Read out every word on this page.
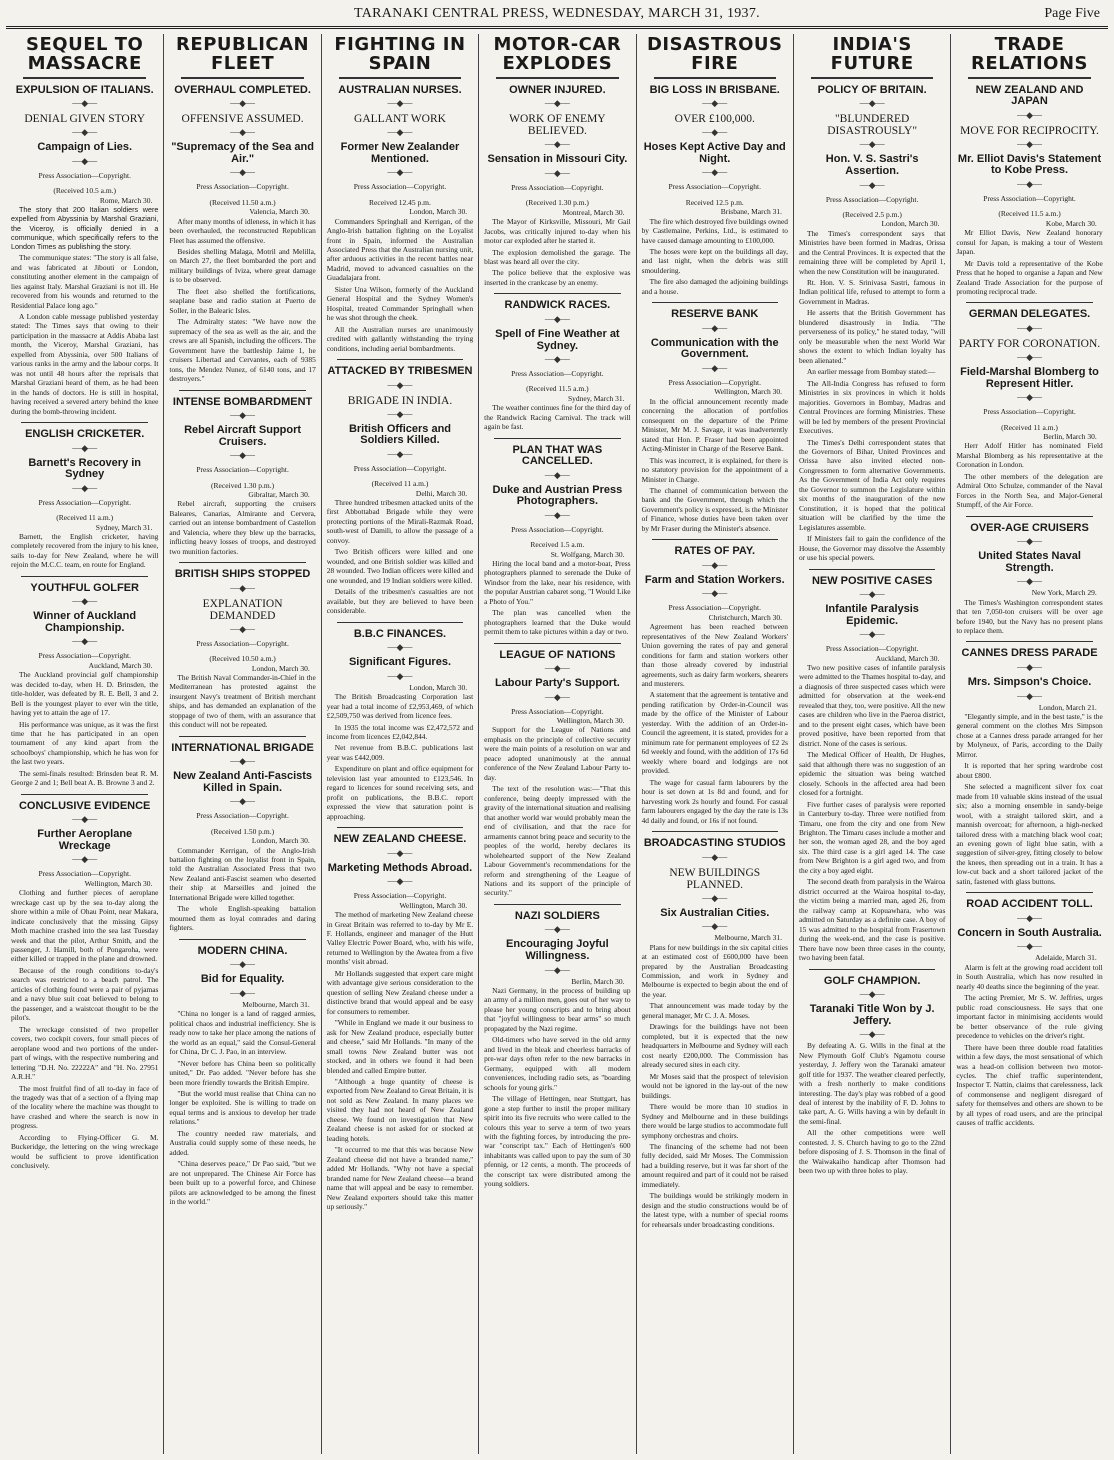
TARANAKI CENTRAL PRESS, WEDNESDAY, MARCH 31, 1937.	Page Five
SEQUEL TO MASSACRE
EXPULSION OF ITALIANS.
—◆—
DENIAL GIVEN STORY
—◆—
Campaign of Lies.
—◆—
Press Association—Copyright.
(Received 10.5 a.m.)
Rome, March 30.

The story that 200 Italian soldiers were expelled from Abyssinia by Marshal Graziani, the Viceroy, is officially denied in a communique, which specifically refers to the London Times as publishing the story.

The communique states: "The story is all false, and was fabricated at Jibouti or London, constituting another element in the campaign of lies against Italy. Marshal Graziani is not ill. He recovered from his wounds and returned to the Residential Palace long ago."

A London cable message published yesterday stated: The Times says that owing to their participation in the massacre at Addis Ababa last month, the Viceroy, Marshal Graziani, has expelled from Abyssinia, over 500 Italians of various ranks in the army and the labour corps. It was not until 48 hours after the reprisals that Marshal Graziani heard of them, as he had been in the hands of doctors. He is still in hospital, having received a severed artery behind the knee during the bomb-throwing incident.

ENGLISH CRICKETER.
—◆—
Barnett's Recovery in Sydney
—◆—
Press Association—Copyright.
(Received 11 a.m.)
Sydney, March 31.

Barnett, the English cricketer, having completely recovered from the injury to his knee, sails to-day for New Zealand, where he will rejoin the M.C.C. team, en route for England.

YOUTHFUL GOLFER
—◆—
Winner of Auckland Championship.
—◆—
Press Association—Copyright.
Auckland, March 30.

The Auckland provincial golf championship was decided to-day, when H. D. Brinsden, the title-holder, was defeated by R. E. Bell, 3 and 2. Bell is the youngest player to ever win the title, having yet to attain the age of 17.

His performance was unique, as it was the first time that he has participated in an open tournament of any kind apart from the schoolboys' championship, which he has won for the last two years.

The semi-finals resulted: Brinsden beat R. M. George 2 and 1; Bell beat A. B. Browne 3 and 2.

CONCLUSIVE EVIDENCE
—◆—
Further Aeroplane Wreckage
—◆—
Press Association—Copyright.
Wellington, March 30.

Clothing and further pieces of aeroplane wreckage cast up by the sea to-day along the shore within a mile of Ohau Point, near Makara, indicate conclusively that the missing Gipsy Moth machine crashed into the sea last Tuesday week and that the pilot, Arthur Smith, and the passenger, J. Hamill, both of Pongaroha, were either killed or trapped in the plane and drowned.

Because of the rough conditions to-day's search was restricted to a beach patrol. The articles of clothing found were a pair of pyjamas and a navy blue suit coat believed to belong to the passenger, and a waistcoat thought to be the pilot's.

The wreckage consisted of two propeller covers, two cockpit covers, four small pieces of aeroplane wood and two portions of the under-part of wings, with the respective numbering and lettering "D.H. No. 22222A" and "H. No. 27951 A.R.H."

The most fruitful find of all to-day in face of the tragedy was that of a section of a flying map of the locality where the machine was thought to have crashed and where the search is now in progress.

According to Flying-Officer G. M. Buckeridge, the lettering on the wing wreckage would be sufficient to prove identification conclusively.

REPUBLICAN FLEET
OVERHAUL COMPLETED.
—◆—
OFFENSIVE ASSUMED.
—◆—
"Supremacy of the Sea and Air."
—◆—
Press Association—Copyright.
(Received 11.50 a.m.)
Valencia, March 30.

After many months of idleness, in which it has been overhauled, the reconstructed Republican Fleet has assumed the offensive.

Besides shelling Malaga, Motril and Melilla, on March 27, the fleet bombarded the port and military buildings of Iviza, where great damage is to be observed.

The fleet also shelled the fortifications, seaplane base and radio station at Puerto de Soller, in the Balearic Isles.

The Admiralty states: "We have now the supremacy of the sea as well as the air, and the crews are all Spanish, including the officers. The Government have the battleship Jaime 1, he cruisers Libertad and Cervantes, each of 9385 tons, the Mendez Nunez, of 6140 tons, and 17 destroyers."

INTENSE BOMBARDMENT
—◆—
Rebel Aircraft Support Cruisers.
—◆—
Press Association—Copyright.
(Received 1.30 p.m.)
Gibraltar, March 30.

Rebel aircraft, supporting the cruisers Baleares, Canarias, Almirante and Cervera, carried out an intense bombardment of Castellon and Valencia, where they blew up the barracks, inflicting heavy losses of troops, and destroyed two munition factories.

BRITISH SHIPS STOPPED
—◆—
EXPLANATION DEMANDED
—◆—
Press Association—Copyright.
(Received 10.50 a.m.)
London, March 30.

The British Naval Commander-in-Chief in the Mediterranean has protested against the insurgent Navy's treatment of British merchant ships, and has demanded an explanation of the stoppage of two of them, with an assurance that this conduct will not be repeated.

INTERNATIONAL BRIGADE
—◆—
New Zealand Anti-Fascists Killed in Spain.
—◆—
Press Association—Copyright.
(Received 1.50 p.m.)
London, March 30.

Commander Kerrigan, of the Anglo-Irish battalion fighting on the loyalist front in Spain, told the Australian Associated Press that two New Zealand anti-Fascist seamen who deserted their ship at Marseilles and joined the International Brigade were killed together.

The whole English-speaking battalion mourned them as loyal comrades and daring fighters.

MODERN CHINA.
—◆—
Bid for Equality.
—◆—
Melbourne, March 31.

"China no longer is a land of ragged armies, political chaos and industrial inefficiency. She is ready now to take her place among the nations of the world as an equal," said the Consul-General for China, Dr C. J. Pao, in an interview.

"Never before has China been so politically united," Dr. Pao added. "Never before has she been more friendly towards the British Empire.

"But the world must realise that China can no longer be exploited. She is willing to trade on equal terms and is anxious to develop her trade relations."

The country needed raw materials, and Australia could supply some of these needs, he added.

"China deserves peace," Dr Pao said, "but we are not unprepared. The Chinese Air Force has been built up to a powerful force, and Chinese pilots are acknowledged to be among the finest in the world."

FIGHTING IN SPAIN
AUSTRALIAN NURSES.
—◆—
GALLANT WORK
—◆—
Former New Zealander Mentioned.
—◆—
Press Association—Copyright.
Received 12.45 p.m.
London, March 30.

Commanders Springhall and Kerrigan, of the Anglo-Irish battalion fighting on the Loyalist front in Spain, informed the Australian Associated Press that the Australian nursing unit, after arduous activities in the recent battles near Madrid, moved to advanced casualties on the Guadalajara front.

Sister Una Wilson, formerly of the Auckland General Hospital and the Sydney Women's Hospital, treated Commander Springhall when he was shot through the cheek.

All the Australian nurses are unanimously credited with gallantly withstanding the trying conditions, including aerial bombardments.

ATTACKED BY TRIBESMEN
—◆—
BRIGADE IN INDIA.
—◆—
British Officers and Soldiers Killed.
—◆—
Press Association—Copyright.
(Received 11 a.m.)
Delhi, March 30.

Three hundred tribesmen attacked units of the first Abbottabad Brigade while they were protecting portions of the Mirali-Razmak Road, south-west of Damili, to allow the passage of a convoy.

Two British officers were killed and one wounded, and one British soldier was killed and 28 wounded. Two Indian officers were killed and one wounded, and 19 Indian soldiers were killed.

Details of the tribesmen's casualties are not available, but they are believed to have been considerable.

B.B.C FINANCES.
—◆—
Significant Figures.
—◆—
London, March 30.

The British Broadcasting Corporation last year had a total income of £2,953,469, of which £2,509,750 was derived from licence fees.

In 1935 the total income was £2,472,572 and income from licences £2,042,844.

Net revenue from B.B.C. publications last year was £442,009.

Expenditure on plant and office equipment for television last year amounted to £123,546. In regard to licences for sound receiving sets, and profit on publications, the B.B.C. report expressed the view that saturation point is approaching.

NEW ZEALAND CHEESE.
—◆—
Marketing Methods Abroad.
—◆—
Press Association—Copyright.
Wellington, March 30.

The method of marketing New Zealand cheese in Great Britain was referred to to-day by Mr E. F. Hollands, engineer and manager of the Hutt Valley Electric Power Board, who, with his wife, returned to Wellington by the Awatea from a five months' visit abroad.

Mr Hollands suggested that expert care might with advantage give serious consideration to the question of selling New Zealand cheese under a distinctive brand that would appeal and be easy for consumers to remember.

"While in England we made it our business to ask for New Zealand produce, especially butter and cheese," said Mr Hollands. "In many of the small towns New Zealand butter was not stocked, and in others we found it had been blended and called Empire butter.

"Although a huge quantity of cheese is exported from New Zealand to Great Britain, it is not sold as New Zealand. In many places we visited they had not heard of New Zealand cheese. We found on investigation that New Zealand cheese is not asked for or stocked at leading hotels.

"It occurred to me that this was because New Zealand cheese did not have a branded name," added Mr Hollands. "Why not have a special branded name for New Zealand cheese—a brand name that will appeal and be easy to remember. New Zealand exporters should take this matter up seriously."

MOTOR-CAR EXPLODES
OWNER INJURED.
—◆—
WORK OF ENEMY BELIEVED.
—◆—
Sensation in Missouri City.
—◆—
Press Association—Copyright.
(Received 1.30 p.m.)
Montreal, March 30.

The Mayor of Kirksville, Missouri, Mr Gail Jacobs, was critically injured to-day when his motor car exploded after he started it.

The explosion demolished the garage. The blast was heard all over the city.

The police believe that the explosive was inserted in the crankcase by an enemy.

RANDWICK RACES.
—◆—
Spell of Fine Weather at Sydney.
—◆—
Press Association—Copyright.
(Received 11.5 a.m.)
Sydney, March 31.

The weather continues fine for the third day of the Randwick Racing Carnival. The track will again be fast.

PLAN THAT WAS CANCELLED.
—◆—
Duke and Austrian Press Photographers.
—◆—
Press Association—Copyright.
Received 1.5 a.m.
St. Wolfgang, March 30.

Hiring the local band and a motor-boat, Press photographers planned to serenade the Duke of Windsor from the lake, near his residence, with the popular Austrian cabaret song, "I Would Like a Photo of You."

The plan was cancelled when the photographers learned that the Duke would permit them to take pictures within a day or two.

LEAGUE OF NATIONS
—◆—
Labour Party's Support.
—◆—
Press Association—Copyright.
Wellington, March 30.

Support for the League of Nations and emphasis on the principle of collective security were the main points of a resolution on war and peace adopted unanimously at the annual conference of the New Zealand Labour Party to-day.

The text of the resolution was:—"That this conference, being deeply impressed with the gravity of the international situation and realising that another world war would probably mean the end of civilisation, and that the race for armaments cannot bring peace and security to the peoples of the world, hereby declares its wholehearted support of the New Zealand Labour Government's recommendations for the reform and strengthening of the League of Nations and its support of the principle of security."

NAZI SOLDIERS
—◆—
Encouraging Joyful Willingness.
—◆—
Berlin, March 30.

Nazi Germany, in the process of building up an army of a million men, goes out of her way to please her young conscripts and to bring about that "joyful willingness to bear arms" so much propagated by the Nazi regime.

Old-timers who have served in the old army and lived in the bleak and cheerless barracks of pre-war days often refer to the new barracks in Germany, equipped with all modern conveniences, including radio sets, as "boarding schools for young girls."

The village of Hettingen, near Stuttgart, has gone a step further to instil the proper military spirit into its five recruits who were called to the colours this year to serve a term of two years with the fighting forces, by introducing the pre-war "conscript tax." Each of Hettingen's 600 inhabitants was called upon to pay the sum of 30 pfennig, or 12 cents, a month. The proceeds of the conscript tax were distributed among the young soldiers.

DISASTROUS FIRE
BIG LOSS IN BRISBANE.
—◆—
OVER £100,000.
—◆—
Hoses Kept Active Day and Night.
—◆—
Press Association—Copyright.
Received 12.5 p.m.
Brisbane, March 31.

The fire which destroyed five buildings owned by Castlemaine, Perkins, Ltd., is estimated to have caused damage amounting to £100,000.

The hoses were kept on the buildings all day, and last night, when the debris was still smouldering.

The fire also damaged the adjoining buildings and a house.

RESERVE BANK
—◆—
Communication with the Government.
—◆—
Press Association—Copyright.
Wellington, March 30.

In the official announcement recently made concerning the allocation of portfolios consequent on the departure of the Prime Minister, Mr M. J. Savage, it was inadvertently stated that Hon. P. Fraser had been appointed Acting-Minister in Charge of the Reserve Bank.

This was incorrect, it is explained, for there is no statutory provision for the appointment of a Minister in Charge.

The channel of communication between the bank and the Government, through which the Government's policy is expressed, is the Minister of Finance, whose duties have been taken over by Mr Fraser during the Minister's absence.

RATES OF PAY.
—◆—
Farm and Station Workers.
—◆—
Press Association—Copyright.
Christchurch, March 30.

Agreement has been reached between representatives of the New Zealand Workers' Union governing the rates of pay and general conditions for farm and station workers other than those already covered by industrial agreements, such as dairy farm workers, shearers and musterers.

A statement that the agreement is tentative and pending ratification by Order-in-Council was made by the office of the Minister of Labour yesterday. With the addition of an Order-in-Council the agreement, it is stated, provides for a minimum rate for permanent employees of £2 2s 6d weekly and found, with the addition of 17s 6d weekly where board and lodgings are not provided.

The wage for casual farm labourers by the hour is set down at 1s 8d and found, and for harvesting work 2s hourly and found. For casual farm labourers engaged by the day the rate is 13s 4d daily and found, or 16s if not found.

BROADCASTING STUDIOS
—◆—
NEW BUILDINGS PLANNED.
—◆—
Six Australian Cities.
—◆—
Melbourne, March 31.

Plans for new buildings in the six capital cities at an estimated cost of £600,000 have been prepared by the Australian Broadcasting Commission, and work in Sydney and Melbourne is expected to begin about the end of the year.

That announcement was made today by the general manager, Mr C. J. A. Moses.

Drawings for the buildings have not been completed, but it is expected that the new headquarters in Melbourne and Sydney will each cost nearly £200,000. The Commission has already secured sites in each city.

Mr Moses said that the prospect of television would not be ignored in the lay-out of the new buildings.

There would be more than 10 studios in Sydney and Melbourne and in these buildings there would be large studios to accommodate full symphony orchestras and choirs.

The financing of the scheme had not been fully decided, said Mr Moses. The Commission had a building reserve, but it was far short of the amount required and part of it could not be raised immediately.

The buildings would be strikingly modern in design and the studio constructions would be of the latest type, with a number of special rooms for rehearsals under broadcasting conditions.

INDIA'S FUTURE
POLICY OF BRITAIN.
—◆—
"BLUNDERED DISASTROUSLY"
—◆—
Hon. V. S. Sastri's Assertion.
—◆—
Press Association—Copyright.
(Received 2.5 p.m.)
London, March 30.

The Times's correspondent says that Ministries have been formed in Madras, Orissa and the Central Provinces. It is expected that the remaining three will be completed by April 1, when the new Constitution will be inaugurated.

Rt. Hon. V. S. Srinivasa Sastri, famous in Indian political life, refused to attempt to form a Government in Madras.

He asserts that the British Government has blundered disastrously in India. "The perverseness of its policy," he stated today, "will only be measurable when the next World War shows the extent to which Indian loyalty has been alienated."

An earlier message from Bombay stated:—

The All-India Congress has refused to form Ministries in six provinces in which it holds majorities. Governors in Bombay, Madras and Central Provinces are forming Ministries. These will be led by members of the present Provincial Executives.

The Times's Delhi correspondent states that the Governors of Bihar, United Provinces and Orissa have also invited elected non-Congressmen to form alternative Governments. As the Government of India Act only requires the Governor to summon the Legislature within six months of the inauguration of the new Constitution, it is hoped that the political situation will be clarified by the time the Legislatures assemble.

If Ministers fail to gain the confidence of the House, the Governor may dissolve the Assembly or use his special powers.

NEW POSITIVE CASES
—◆—
Infantile Paralysis Epidemic.
—◆—
Press Association—Copyright.
Auckland, March 30.

Two new positive cases of infantile paralysis were admitted to the Thames hospital to-day, and a diagnosis of three suspected cases which were admitted for observation at the week-end revealed that they, too, were positive. All the new cases are children who live in the Paeroa district, and to the present eight cases, which have been proved positive, have been reported from that district. None of the cases is serious.

The Medical Officer of Health, Dr Hughes, said that although there was no suggestion of an epidemic the situation was being watched closely. Schools in the affected area had been closed for a fortnight.

Five further cases of paralysis were reported in Canterbury to-day. Three were notified from Timaru, one from the city and one from New Brighton. The Timaru cases include a mother and her son, the woman aged 28, and the boy aged six. The third case is a girl aged 14. The case from New Brighton is a girl aged two, and from the city a boy aged eight.

The second death from paralysis in the Wairoa district occurred at the Wairoa hospital to-day, the victim being a married man, aged 26, from the railway camp at Kopuawhara, who was admitted on Saturday as a definite case. A boy of 15 was admitted to the hospital from Frasertown during the week-end, and the case is positive. There have now been three cases in the county, two having been fatal.

GOLF CHAMPION.
—◆—
Taranaki Title Won by J. Jeffery.
—◆—

By defeating A. G. Wills in the final at the New Plymouth Golf Club's Ngamotu course yesterday, J. Jeffery won the Taranaki amateur golf title for 1937. The weather cleared perfectly, with a fresh northerly to make conditions interesting. The day's play was robbed of a good deal of interest by the inability of F. D. Johns to take part, A. G. Wills having a win by default in the semi-final.

All the other competitions were well contested. J. S. Church having to go to the 22nd before disposing of J. S. Thomson in the final of the Waiwakaiho handicap after Thomson had been two up with three holes to play.

TRADE RELATIONS
NEW ZEALAND AND JAPAN
—◆—
MOVE FOR RECIPROCITY.
—◆—
Mr. Elliot Davis's Statement to Kobe Press.
—◆—
Press Association—Copyright.
(Received 11.5 a.m.)
Kobe, March 30.

Mr Elliot Davis, New Zealand honorary consul for Japan, is making a tour of Western Japan.

Mr Davis told a representative of the Kobe Press that he hoped to organise a Japan and New Zealand Trade Association for the purpose of promoting reciprocal trade.

GERMAN DELEGATES.
—◆—
PARTY FOR CORONATION.
—◆—
Field-Marshal Blomberg to Represent Hitler.
—◆—
Press Association—Copyright.
(Received 11 a.m.)
Berlin, March 30.

Herr Adolf Hitler has nominated Field Marshal Blomberg as his representative at the Coronation in London.

The other members of the delegation are Admiral Otto Schulze, commander of the Naval Forces in the North Sea, and Major-General Stumpff, of the Air Force.

OVER-AGE CRUISERS
—◆—
United States Naval Strength.
—◆—
New York, March 29.

The Times's Washington correspondent states that ten 7,050-ton cruisers will be over age before 1940, but the Navy has no present plans to replace them.

CANNES DRESS PARADE
—◆—
Mrs. Simpson's Choice.
—◆—
London, March 21.

"Elegantly simple, and in the best taste," is the general comment on the clothes Mrs Simpson chose at a Cannes dress parade arranged for her by Molyneux, of Paris, according to the Daily Mirror.

It is reported that her spring wardrobe cost about £800.

She selected a magnificent silver fox coat made from 10 valuable skins instead of the usual six; also a morning ensemble in sandy-beige wool, with a straight tailored skirt, and a mannish overcoat; for afternoon, a high-necked tailored dress with a matching black wool coat; an evening gown of light blue satin, with a suggestion of silver-grey, fitting closely to below the knees, then spreading out in a train. It has a low-cut back and a short tailored jacket of the satin, fastened with glass buttons.

ROAD ACCIDENT TOLL.
—◆—
Concern in South Australia.
—◆—
Adelaide, March 31.

Alarm is felt at the growing road accident toll in South Australia, which has now resulted in nearly 40 deaths since the beginning of the year.

The acting Premier, Mr S. W. Jeffries, urges public road consciousness. He says that one important factor in minimising accidents would be better observance of the rule giving precedence to vehicles on the driver's right.

There have been three double road fatalities within a few days, the most sensational of which was a head-on collision between two motor-cycles. The chief traffic superintendent, Inspector T. Nattin, claims that carelessness, lack of commonsense and negligent disregard of safety for themselves and others are shown to be by all types of road users, and are the principal causes of traffic accidents.
